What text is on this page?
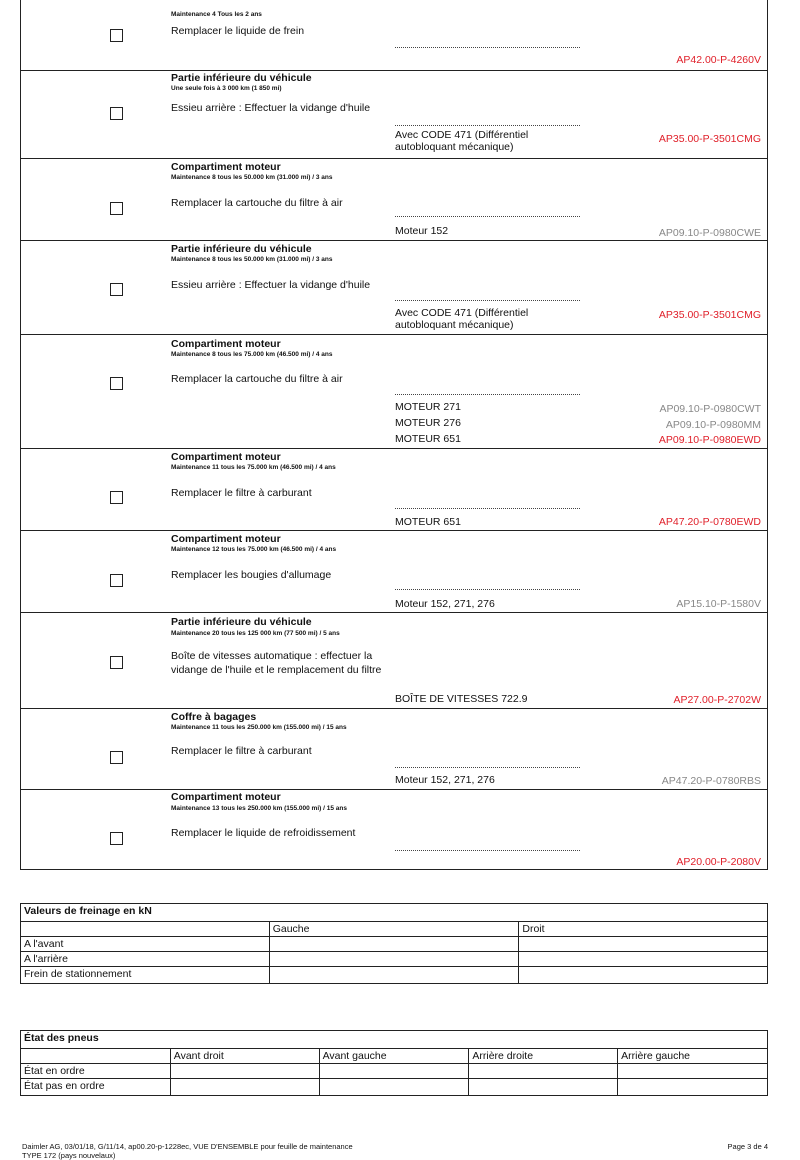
Maintenance 4 Tous les 2 ans
Remplacer le liquide de frein
AP42.00-P-4260V
Partie inférieure du véhicule
Une seule fois à 3 000 km (1 850 mi)
Essieu arrière : Effectuer la vidange d'huile
Avec CODE 471 (Différentiel autobloquant mécanique)
AP35.00-P-3501CMG
Compartiment moteur
Maintenance 8 tous les 50.000 km (31.000 mi) / 3 ans
Remplacer la cartouche du filtre à air
Moteur 152	AP09.10-P-0980CWE
Partie inférieure du véhicule
Maintenance 8 tous les 50.000 km (31.000 mi) / 3 ans
Essieu arrière : Effectuer la vidange d'huile
Avec CODE 471 (Différentiel autobloquant mécanique)
AP35.00-P-3501CMG
Compartiment moteur
Maintenance 8 tous les 75.000 km (46.500 mi) / 4 ans
Remplacer la cartouche du filtre à air
MOTEUR 271	AP09.10-P-0980CWT
MOTEUR 276	AP09.10-P-0980MM
MOTEUR 651	AP09.10-P-0980EWD
Compartiment moteur
Maintenance 11 tous les 75.000 km (46.500 mi) / 4 ans
Remplacer le filtre à carburant
MOTEUR 651	AP47.20-P-0780EWD
Compartiment moteur
Maintenance 12 tous les 75.000 km (46.500 mi) / 4 ans
Remplacer les bougies d'allumage
Moteur 152, 271, 276	AP15.10-P-1580V
Partie inférieure du véhicule
Maintenance 20 tous les 125 000 km (77 500 mi) / 5 ans
Boîte de vitesses automatique : effectuer la vidange de l'huile et le remplacement du filtre
BOÎTE DE VITESSES 722.9	AP27.00-P-2702W
Coffre à bagages
Maintenance 11 tous les 250.000 km (155.000 mi) / 15 ans
Remplacer le filtre à carburant
Moteur 152, 271, 276	AP47.20-P-0780RBS
Compartiment moteur
Maintenance 13 tous les 250.000 km (155.000 mi) / 15 ans
Remplacer le liquide de refroidissement
AP20.00-P-2080V
Valeurs de freinage en kN		
	Gauche	Droit
A l'avant		
A l'arrière		
Frein de stationnement		
État des pneus				
	Avant droit	Avant gauche	Arrière droite	Arrière gauche
État en ordre				
État pas en ordre				
Daimler AG, 03/01/18, G/11/14, ap00.20-p-1228ec, VUE D'ENSEMBLE pour feuille de maintenance
TYPE 172 (pays nouvelaux)
Page 3 de 4
